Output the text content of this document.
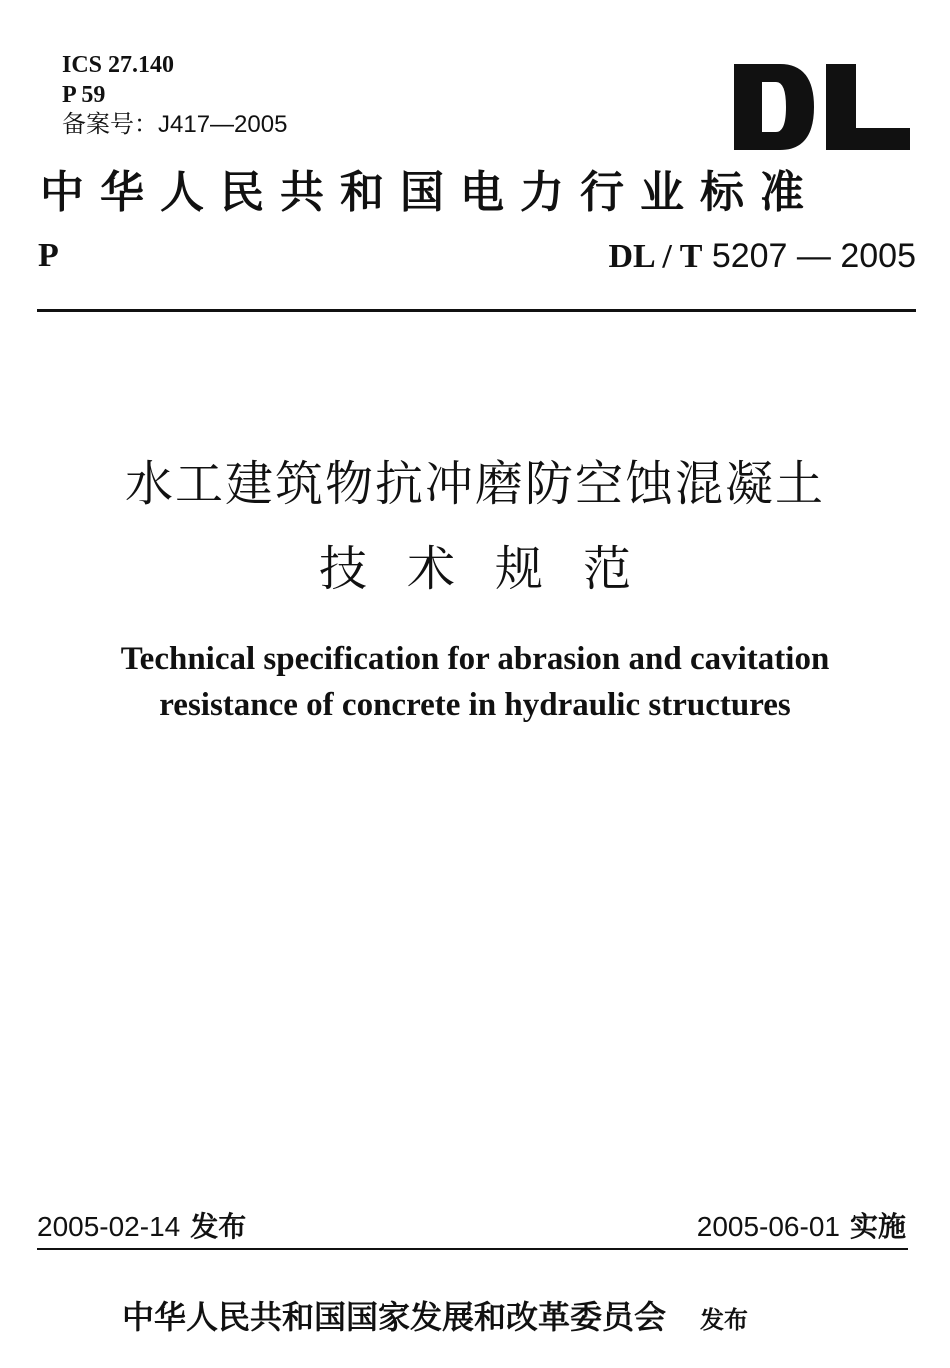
ICS 27.140
P 59
备案号：J417—2005
中华人民共和国电力行业标准
P	DL / T 5207 — 2005
水工建筑物抗冲磨防空蚀混凝土
技术规范
Technical specification for abrasion and cavitation
resistance of concrete in hydraulic structures
2005-02-14 发布	2005-06-01 实施
中华人民共和国国家发展和改革委员会 发布
